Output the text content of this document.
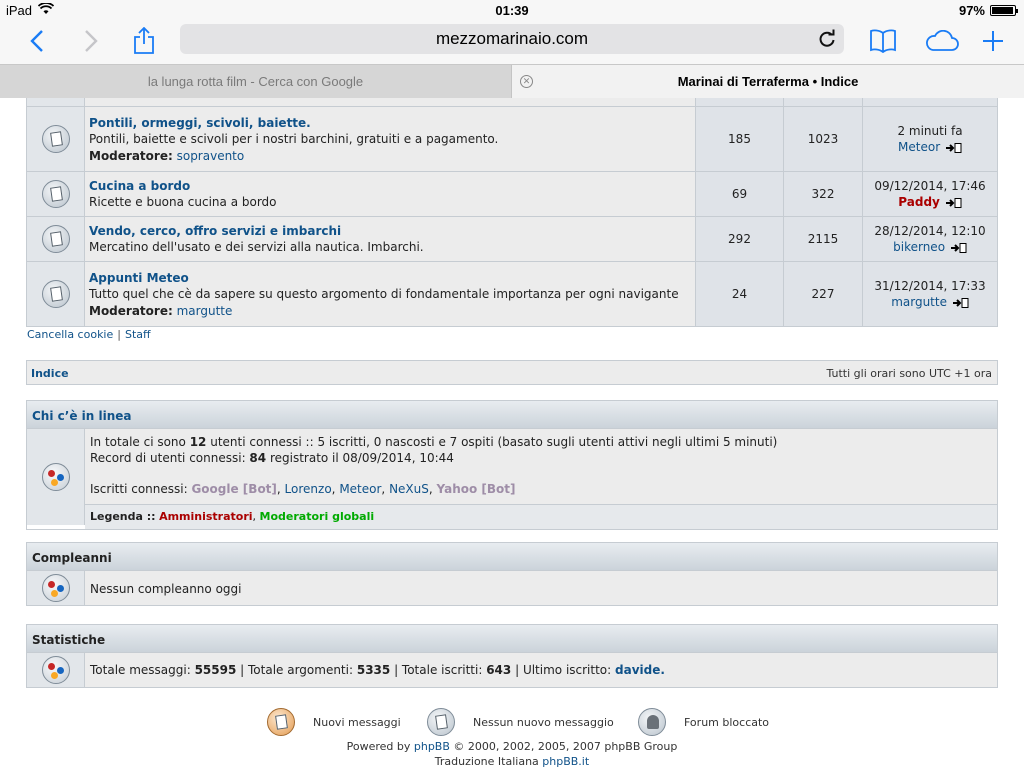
iPad	01:39	97%
mezzomarinaio.com
la lunga rotta film - Cerca con Google	✕	Marinai di Terraferma • Indice

	Pontili, ormeggi, scivoli, baiette.
Pontili, baiette e scivoli per i nostri barchini, gratuiti e a pagamento.
Moderatore: sopravento	185	1023	2 minuti fa
Meteor

	Cucina a bordo
Ricette e buona cucina a bordo	69	322	09/12/2014, 17:46
Paddy

	Vendo, cerco, offro servizi e imbarchi
Mercatino dell'usato e dei servizi alla nautica. Imbarchi.	292	2115	28/12/2014, 12:10
bikerneo

	Appunti Meteo
Tutto quel che cè da sapere su questo argomento di fondamentale importanza per ogni navigante
Moderatore: margutte	24	227	31/12/2014, 17:33
margutte
Cancella cookie | Staff
Indice	Tutti gli orari sono UTC +1 ora
Chi c’è in linea
In totale ci sono 12 utenti connessi :: 5 iscritti, 0 nascosti e 7 ospiti (basato sugli utenti attivi negli ultimi 5 minuti)
Record di utenti connessi: 84 registrato il 08/09/2014, 10:44
Iscritti connessi: Google [Bot], Lorenzo, Meteor, NeXuS, Yahoo [Bot]
Legenda :: Amministratori, Moderatori globali
Compleanni
Nessun compleanno oggi
Statistiche
Totale messaggi: 55595 | Totale argomenti: 5335 | Totale iscritti: 643 | Ultimo iscritto: davide.
Nuovi messaggi	Nessun nuovo messaggio	Forum bloccato
Powered by phpBB © 2000, 2002, 2005, 2007 phpBB Group
Traduzione Italiana phpBB.it
